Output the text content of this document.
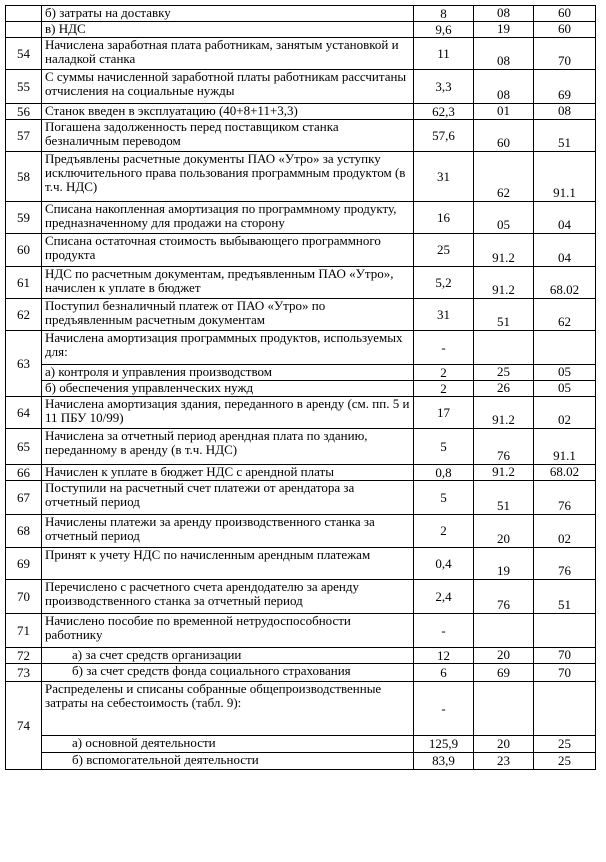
	б) затраты на доставку	8	08	60
	в) НДС	9,6	19	60
54	Начислена заработная плата работникам, занятым установкой и наладкой станка	11	08	70
55	С суммы начисленной заработной платы работникам рассчитаны отчисления на социальные нужды	3,3	08	69
56	Станок введен в эксплуатацию (40+8+11+3,3)	62,3	01	08
57	Погашена задолженность перед поставщиком станка безналичным переводом	57,6	60	51
58	Предъявлены расчетные документы ПАО «Утро» за уступку исключительного права пользования программным продуктом (в т.ч. НДС)	31	62	91.1
59	Списана накопленная амортизация по программному продукту, предназначенному для продажи на сторону	16	05	04
60	Списана остаточная стоимость выбывающего программного продукта	25	91.2	04
61	НДС по расчетным документам, предъявленным ПАО «Утро», начислен к уплате в бюджет	5,2	91.2	68.02
62	Поступил безналичный платеж от ПАО «Утро» по предъявленным расчетным документам	31	51	62
63	Начислена амортизация программных продуктов, используемых для:	-		
	а) контроля и управления производством	2	25	05
	б) обеспечения управленческих нужд	2	26	05
64	Начислена амортизация здания, переданного в аренду (см. пп. 5 и 11 ПБУ 10/99)	17	91.2	02
65	Начислена за отчетный период арендная плата по зданию, переданному в аренду (в т.ч. НДС)	5	76	91.1
66	Начислен к уплате в бюджет НДС с арендной платы	0,8	91.2	68.02
67	Поступили на расчетный счет платежи от арендатора за отчетный период	5	51	76
68	Начислены платежи за аренду производственного станка за отчетный период	2	20	02
69	Принят к учету НДС по начисленным арендным платежам	0,4	19	76
70	Перечислено с расчетного счета арендодателю за аренду производственного станка за отчетный период	2,4	76	51
71	Начислено пособие по временной нетрудоспособности работнику	-		
72	а) за счет средств организации	12	20	70
73	б) за счет средств фонда социального страхования	6	69	70
74	Распределены и списаны собранные общепроизводственные затраты на себестоимость (табл. 9):	-		
	а) основной деятельности	125,9	20	25
	б) вспомогательной деятельности	83,9	23	25
